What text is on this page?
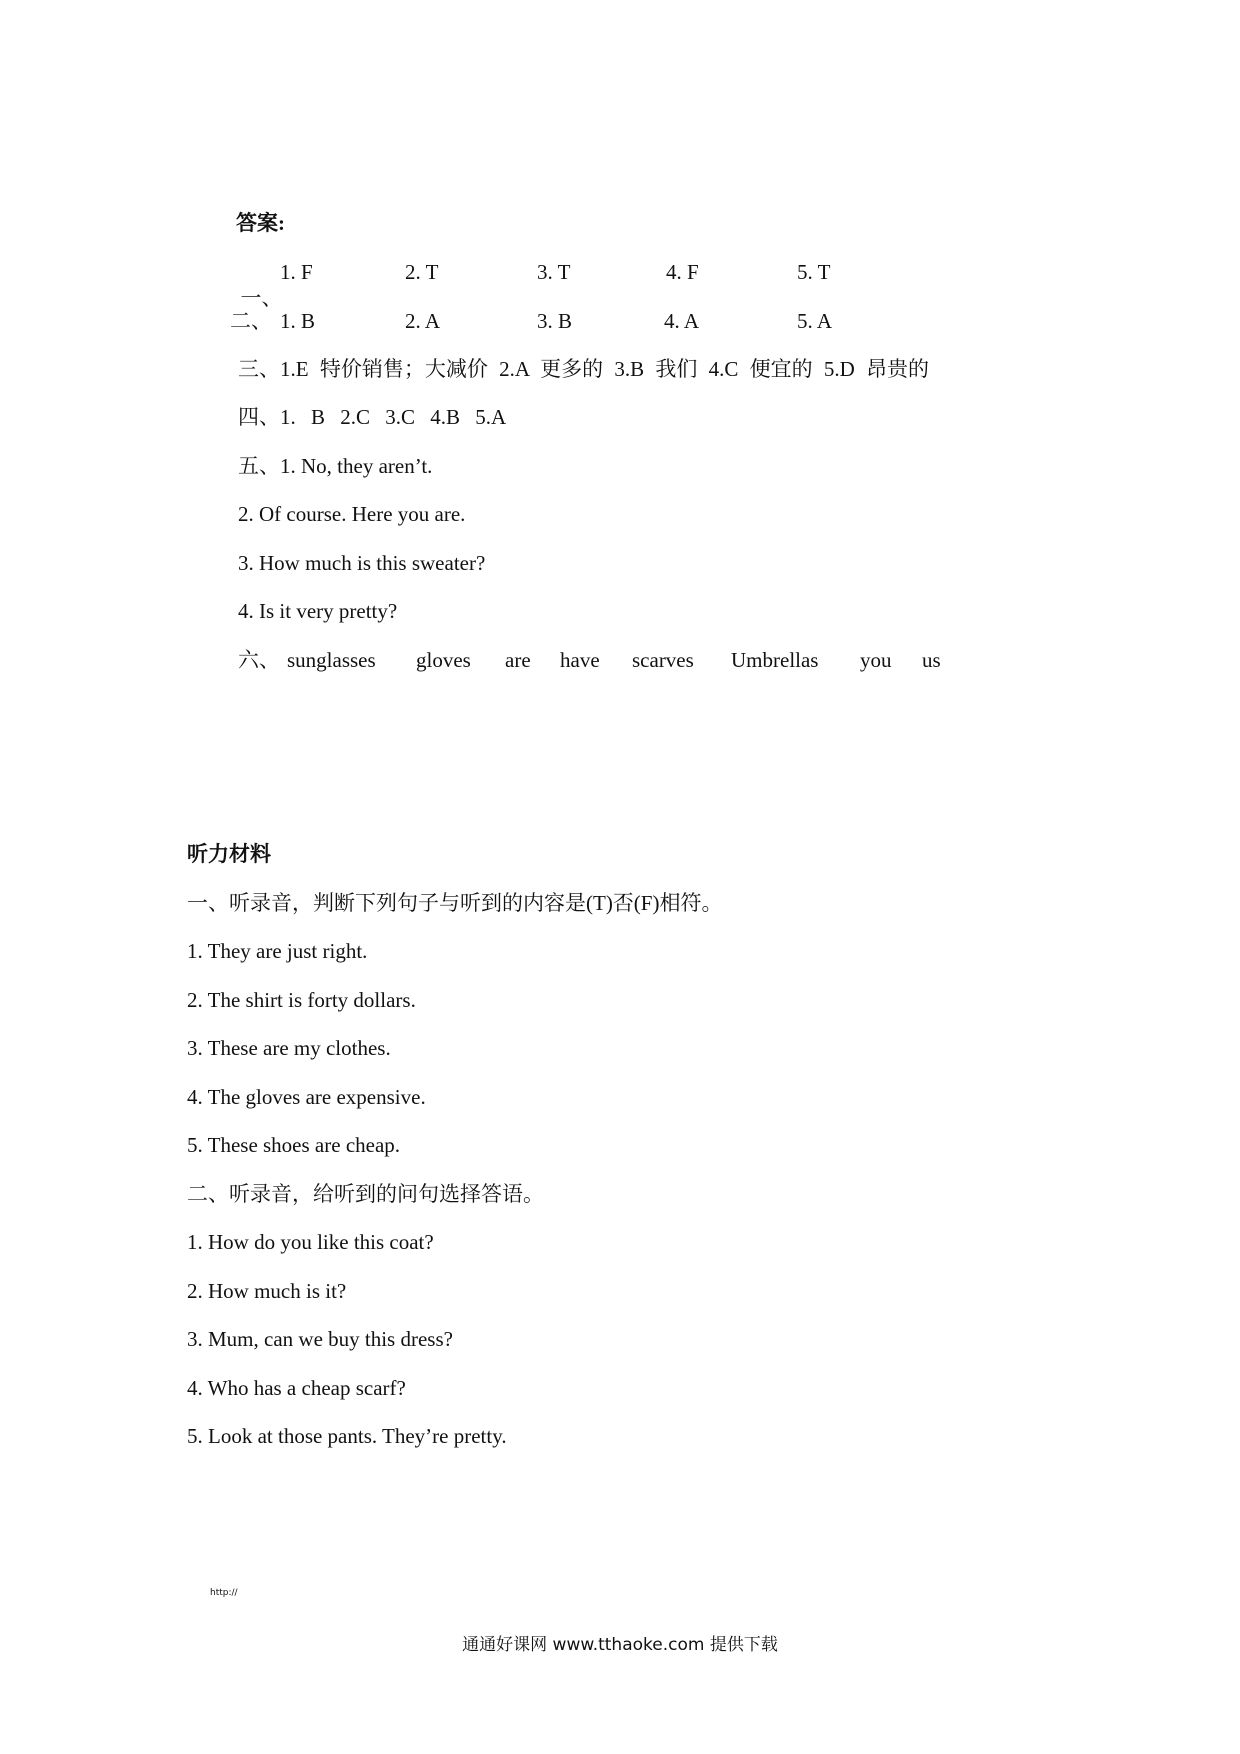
答案:

一、

1. F	2. T	3. T	4. F	5. T
二、 1. B	2. A	3. B	4. A	5. A
三、1.E 特价销售；大减价 2.A 更多的 3.B 我们 4.C 便宜的 5.D 昂贵的
四、1. B 2.C 3.C 4.B 5.A
五、1. No, they aren’t.
2. Of course. Here you are.
3. How much is this sweater?
4. Is it very pretty?
六、 sunglasses gloves are have scarves Umbrellas you us
听力材料
一、听录音，判断下列句子与听到的内容是(T)否(F)相符。
1. They are just right.
2. The shirt is forty dollars.
3. These are my clothes.
4. The gloves are expensive.
5. These shoes are cheap.
二、听录音，给听到的问句选择答语。
1. How do you like this coat?
2. How much is it?
3. Mum, can we buy this dress?
4. Who has a cheap scarf?
5. Look at those pants. They’re pretty.
http://
通通好课网 www.tthaoke.com 提供下载
